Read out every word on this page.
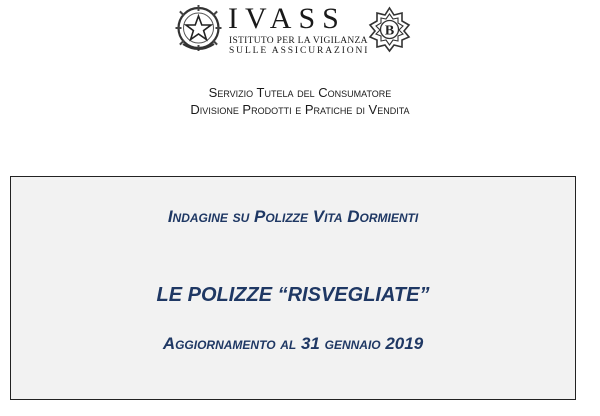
IVASS
ISTITUTO PER LA VIGILANZA
SULLE ASSICURAZIONI
B
Servizio Tutela del Consumatore
Divisione Prodotti e Pratiche di Vendita
Indagine su Polizze Vita Dormienti
LE POLIZZE “RISVEGLIATE”
Aggiornamento al 31 gennaio 2019
